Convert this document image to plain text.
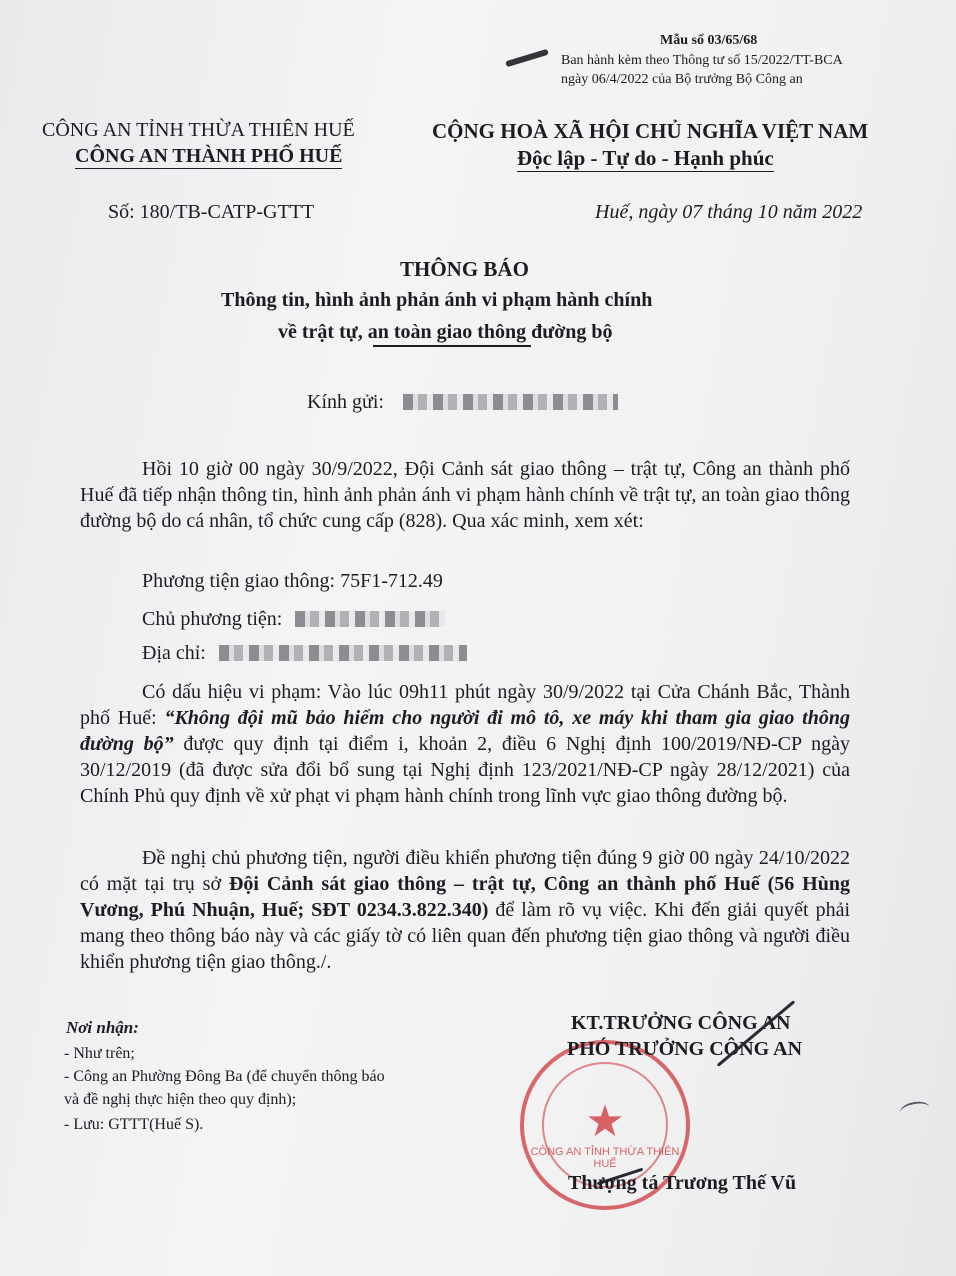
Mẫu số 03/65/68
Ban hành kèm theo Thông tư số 15/2022/TT-BCA
ngày 06/4/2022 của Bộ trưởng Bộ Công an
CÔNG AN TỈNH THỪA THIÊN HUẾ
CÔNG AN THÀNH PHỐ HUẾ
CỘNG HOÀ XÃ HỘI CHỦ NGHĨA VIỆT NAM
Độc lập - Tự do - Hạnh phúc
Số: 180/TB-CATP-GTTT	Huế, ngày 07 tháng 10 năm 2022
THÔNG BÁO
Thông tin, hình ảnh phản ánh vi phạm hành chính
về trật tự, an toàn giao thông đường bộ
Kính gửi:
Hồi 10 giờ 00 ngày 30/9/2022, Đội Cảnh sát giao thông – trật tự, Công an thành phố Huế đã tiếp nhận thông tin, hình ảnh phản ánh vi phạm hành chính về trật tự, an toàn giao thông đường bộ do cá nhân, tổ chức cung cấp (828). Qua xác minh, xem xét:
Phương tiện giao thông: 75F1-712.49
Chủ phương tiện:
Địa chỉ:
Có dấu hiệu vi phạm: Vào lúc 09h11 phút ngày 30/9/2022 tại Cửa Chánh Bắc, Thành phố Huế: “Không đội mũ bảo hiểm cho người đi mô tô, xe máy khi tham gia giao thông đường bộ” được quy định tại điểm i, khoản 2, điều 6 Nghị định 100/2019/NĐ-CP ngày 30/12/2019 (đã được sửa đổi bổ sung tại Nghị định 123/2021/NĐ-CP ngày 28/12/2021) của Chính Phủ quy định về xử phạt vi phạm hành chính trong lĩnh vực giao thông đường bộ.
Đề nghị chủ phương tiện, người điều khiển phương tiện đúng 9 giờ 00 ngày 24/10/2022 có mặt tại trụ sở Đội Cảnh sát giao thông – trật tự, Công an thành phố Huế (56 Hùng Vương, Phú Nhuận, Huế; SĐT 0234.3.822.340) để làm rõ vụ việc. Khi đến giải quyết phải mang theo thông báo này và các giấy tờ có liên quan đến phương tiện giao thông và người điều khiển phương tiện giao thông./.
Nơi nhận:
- Như trên;
- Công an Phường Đông Ba (để chuyển thông báo
và đề nghị thực hiện theo quy định);
- Lưu: GTTT(Huế S).	★
CÔNG AN TỈNH THỪA THIÊN HUẾ
KT.TRƯỞNG CÔNG AN
PHÓ TRƯỞNG CÔNG AN
Thượng tá Trương Thế Vũ
